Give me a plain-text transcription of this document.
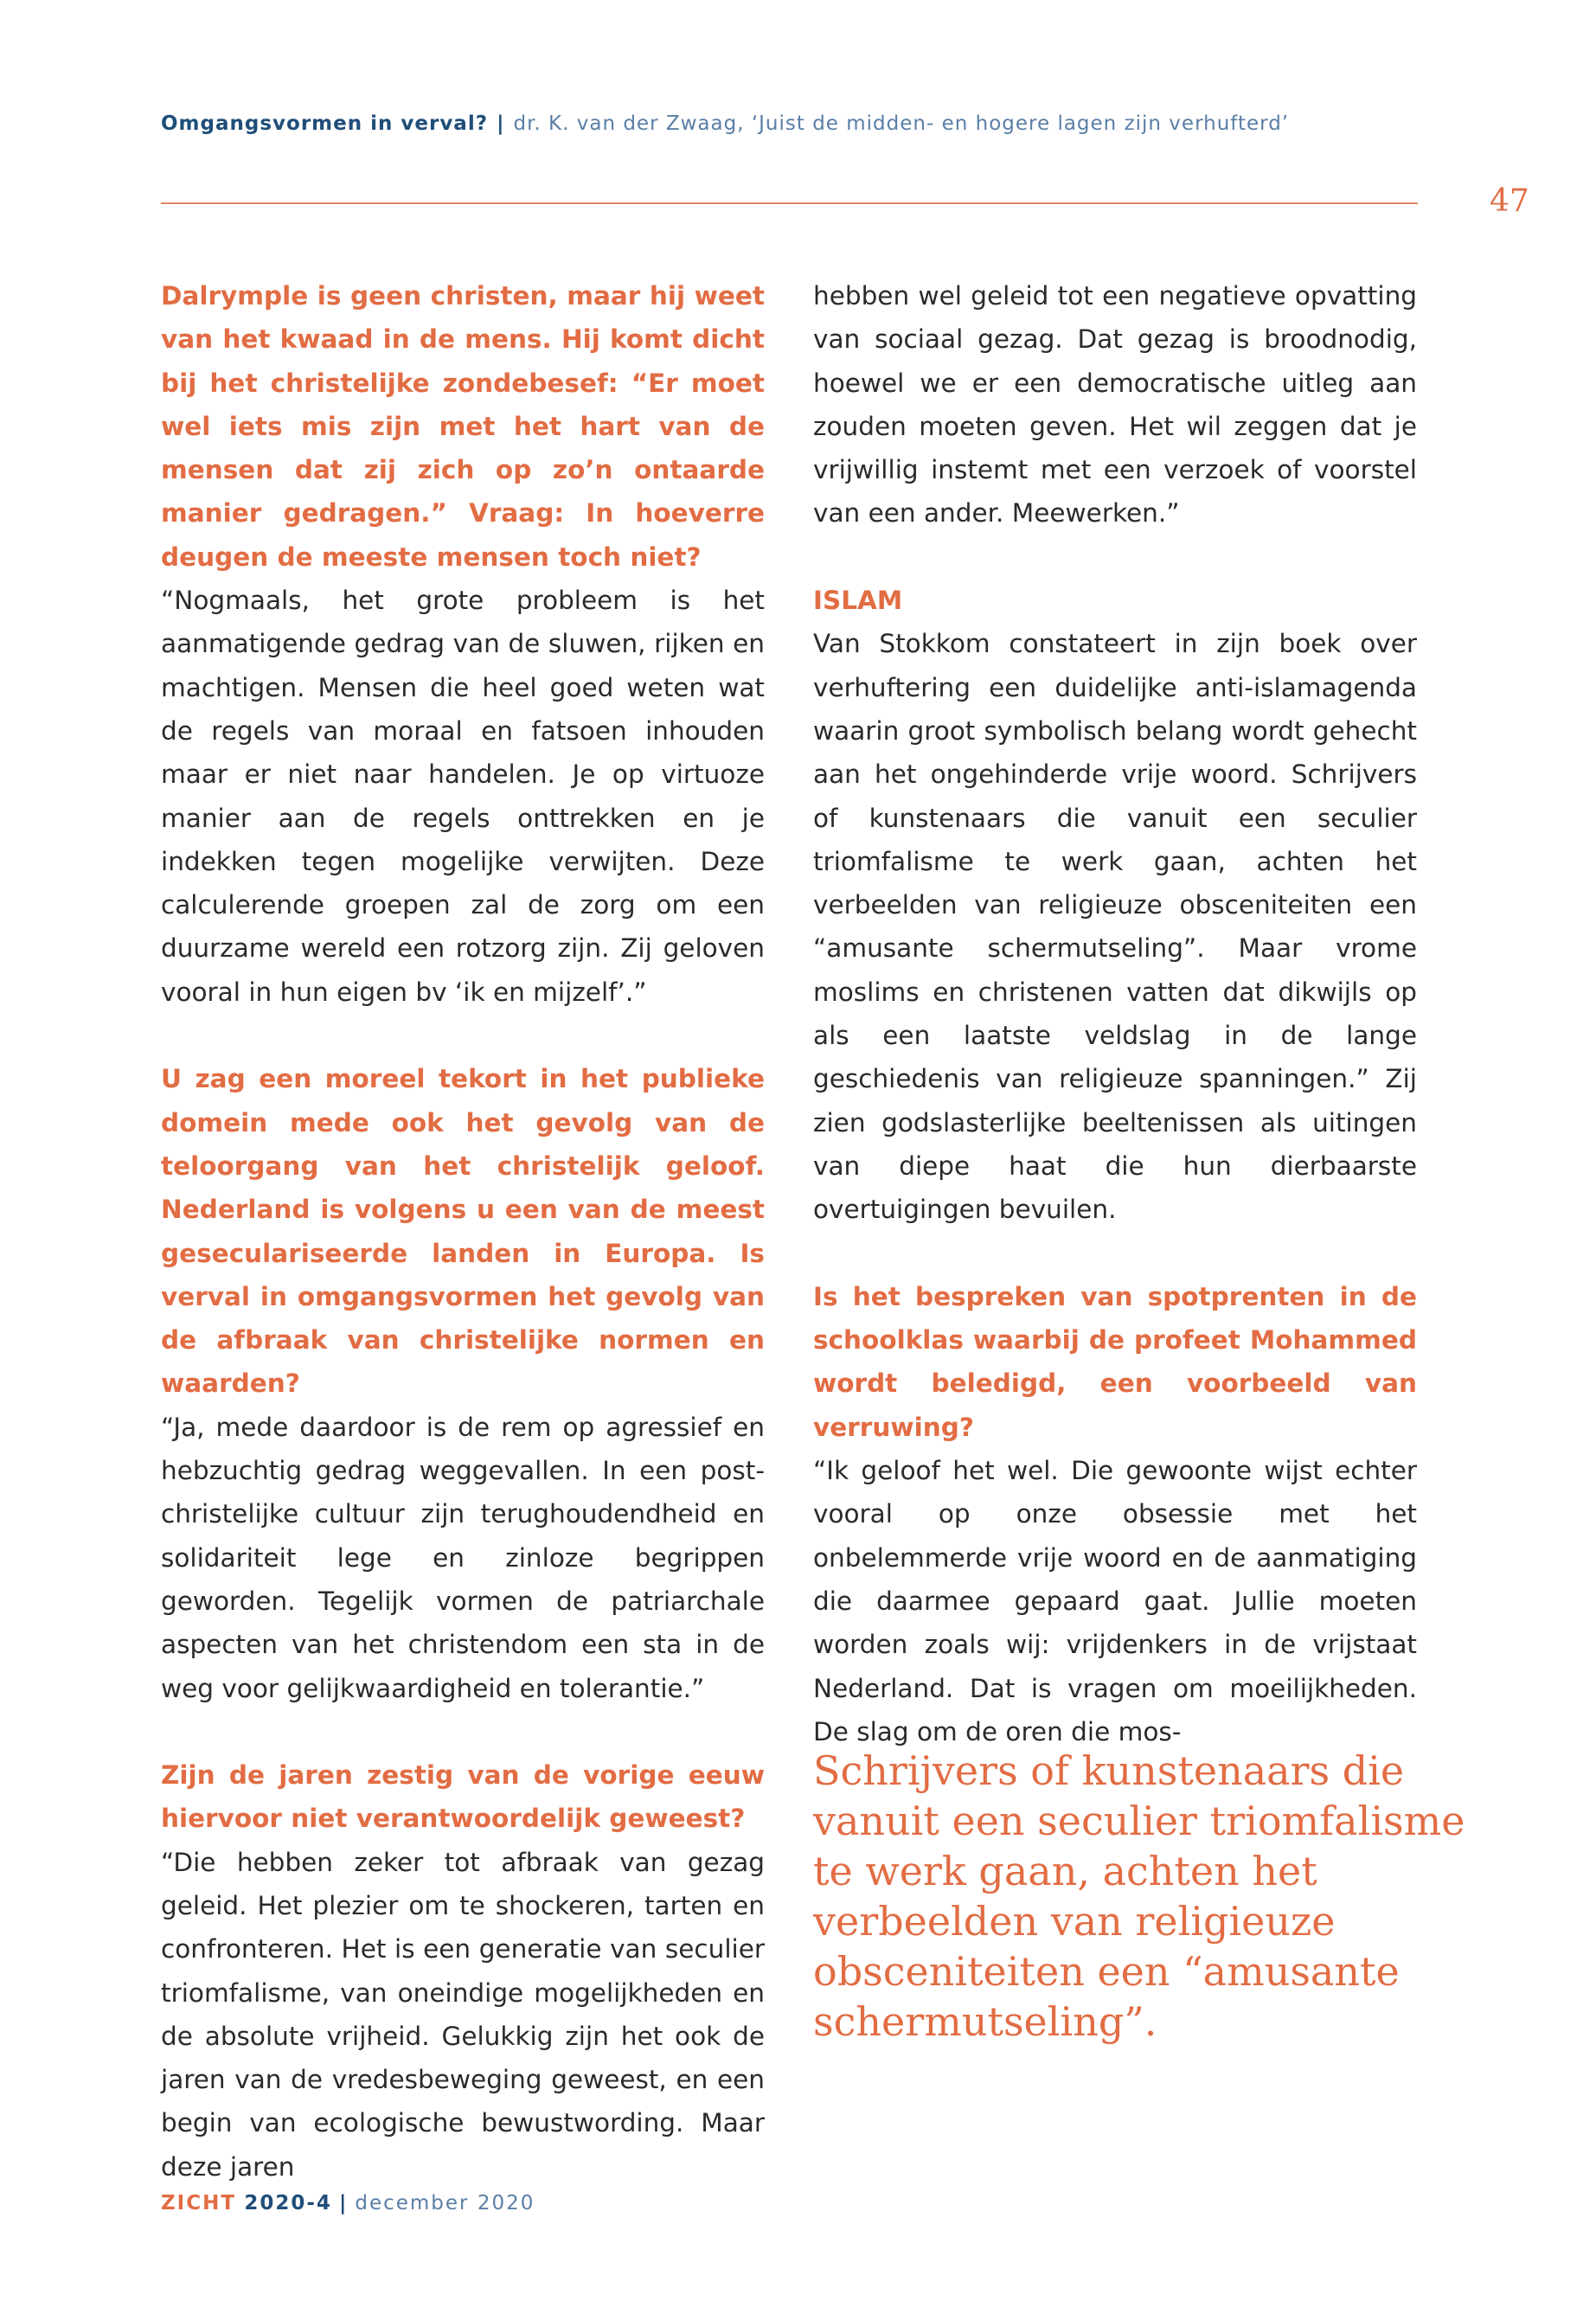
Omgangsvormen in verval? | dr. K. van der Zwaag, ‘Juist de midden- en hogere lagen zijn verhufterd’
47

Dalrymple is geen christen, maar hij weet van het kwaad in de mens. Hij komt dicht bij het christelijke zondebesef: “Er moet wel iets mis zijn met het hart van de mensen dat zij zich op zo’n ontaarde manier gedragen.” Vraag: In hoeverre deugen de meeste mensen toch niet?

“Nogmaals, het grote probleem is het aanmatigende gedrag van de sluwen, rijken en machtigen. Mensen die heel goed weten wat de regels van moraal en fatsoen inhouden maar er niet naar handelen. Je op virtuoze manier aan de regels onttrekken en je indekken tegen mogelijke verwijten. Deze calculerende groepen zal de zorg om een duurzame wereld een rotzorg zijn. Zij geloven vooral in hun eigen bv ‘ik en mijzelf’.”

U zag een moreel tekort in het publieke domein mede ook het gevolg van de teloorgang van het christelijk geloof. Nederland is volgens u een van de meest geseculariseerde landen in Europa. Is verval in omgangsvormen het gevolg van de afbraak van christelijke normen en waarden?

“Ja, mede daardoor is de rem op agressief en hebzuchtig gedrag weggevallen. In een post-christelijke cultuur zijn terughoudendheid en solidariteit lege en zinloze begrippen geworden. Tegelijk vormen de patriarchale aspecten van het christendom een sta in de weg voor gelijkwaardigheid en tolerantie.”

Zijn de jaren zestig van de vorige eeuw hiervoor niet verantwoordelijk geweest?

“Die hebben zeker tot afbraak van gezag geleid. Het plezier om te shockeren, tarten en confronteren. Het is een generatie van seculier triomfalisme, van oneindige mogelijkheden en de absolute vrijheid. Gelukkig zijn het ook de jaren van de vredesbeweging geweest, en een begin van ecologische bewustwording. Maar deze jaren

hebben wel geleid tot een negatieve opvatting van sociaal gezag. Dat gezag is broodnodig, hoewel we er een democratische uitleg aan zouden moeten geven. Het wil zeggen dat je vrijwillig instemt met een verzoek of voorstel van een ander. Meewerken.”

ISLAM

Van Stokkom constateert in zijn boek over verhuftering een duidelijke anti-islamagenda waarin groot symbolisch belang wordt gehecht aan het ongehinderde vrije woord. Schrijvers of kunstenaars die vanuit een seculier triomfalisme te werk gaan, achten het verbeelden van religieuze obsceniteiten een “amusante schermutseling”. Maar vrome moslims en christenen vatten dat dikwijls op als een laatste veldslag in de lange geschiedenis van religieuze spanningen.” Zij zien godslasterlijke beeltenissen als uitingen van diepe haat die hun dierbaarste overtuigingen bevuilen.

Is het bespreken van spotprenten in de schoolklas waarbij de profeet Mohammed wordt beledigd, een voorbeeld van verruwing?

“Ik geloof het wel. Die gewoonte wijst echter vooral op onze obsessie met het onbelemmerde vrije woord en de aanmatiging die daarmee gepaard gaat. Jullie moeten worden zoals wij: vrijdenkers in de vrijstaat Nederland. Dat is vragen om moeilijkheden. De slag om de oren die mos-

Schrijvers of kunstenaars die vanuit een seculier triomfalisme te werk gaan, achten het verbeelden van religieuze obsceniteiten een “amusante schermutseling”.
ZICHT 2020-4 | december 2020
